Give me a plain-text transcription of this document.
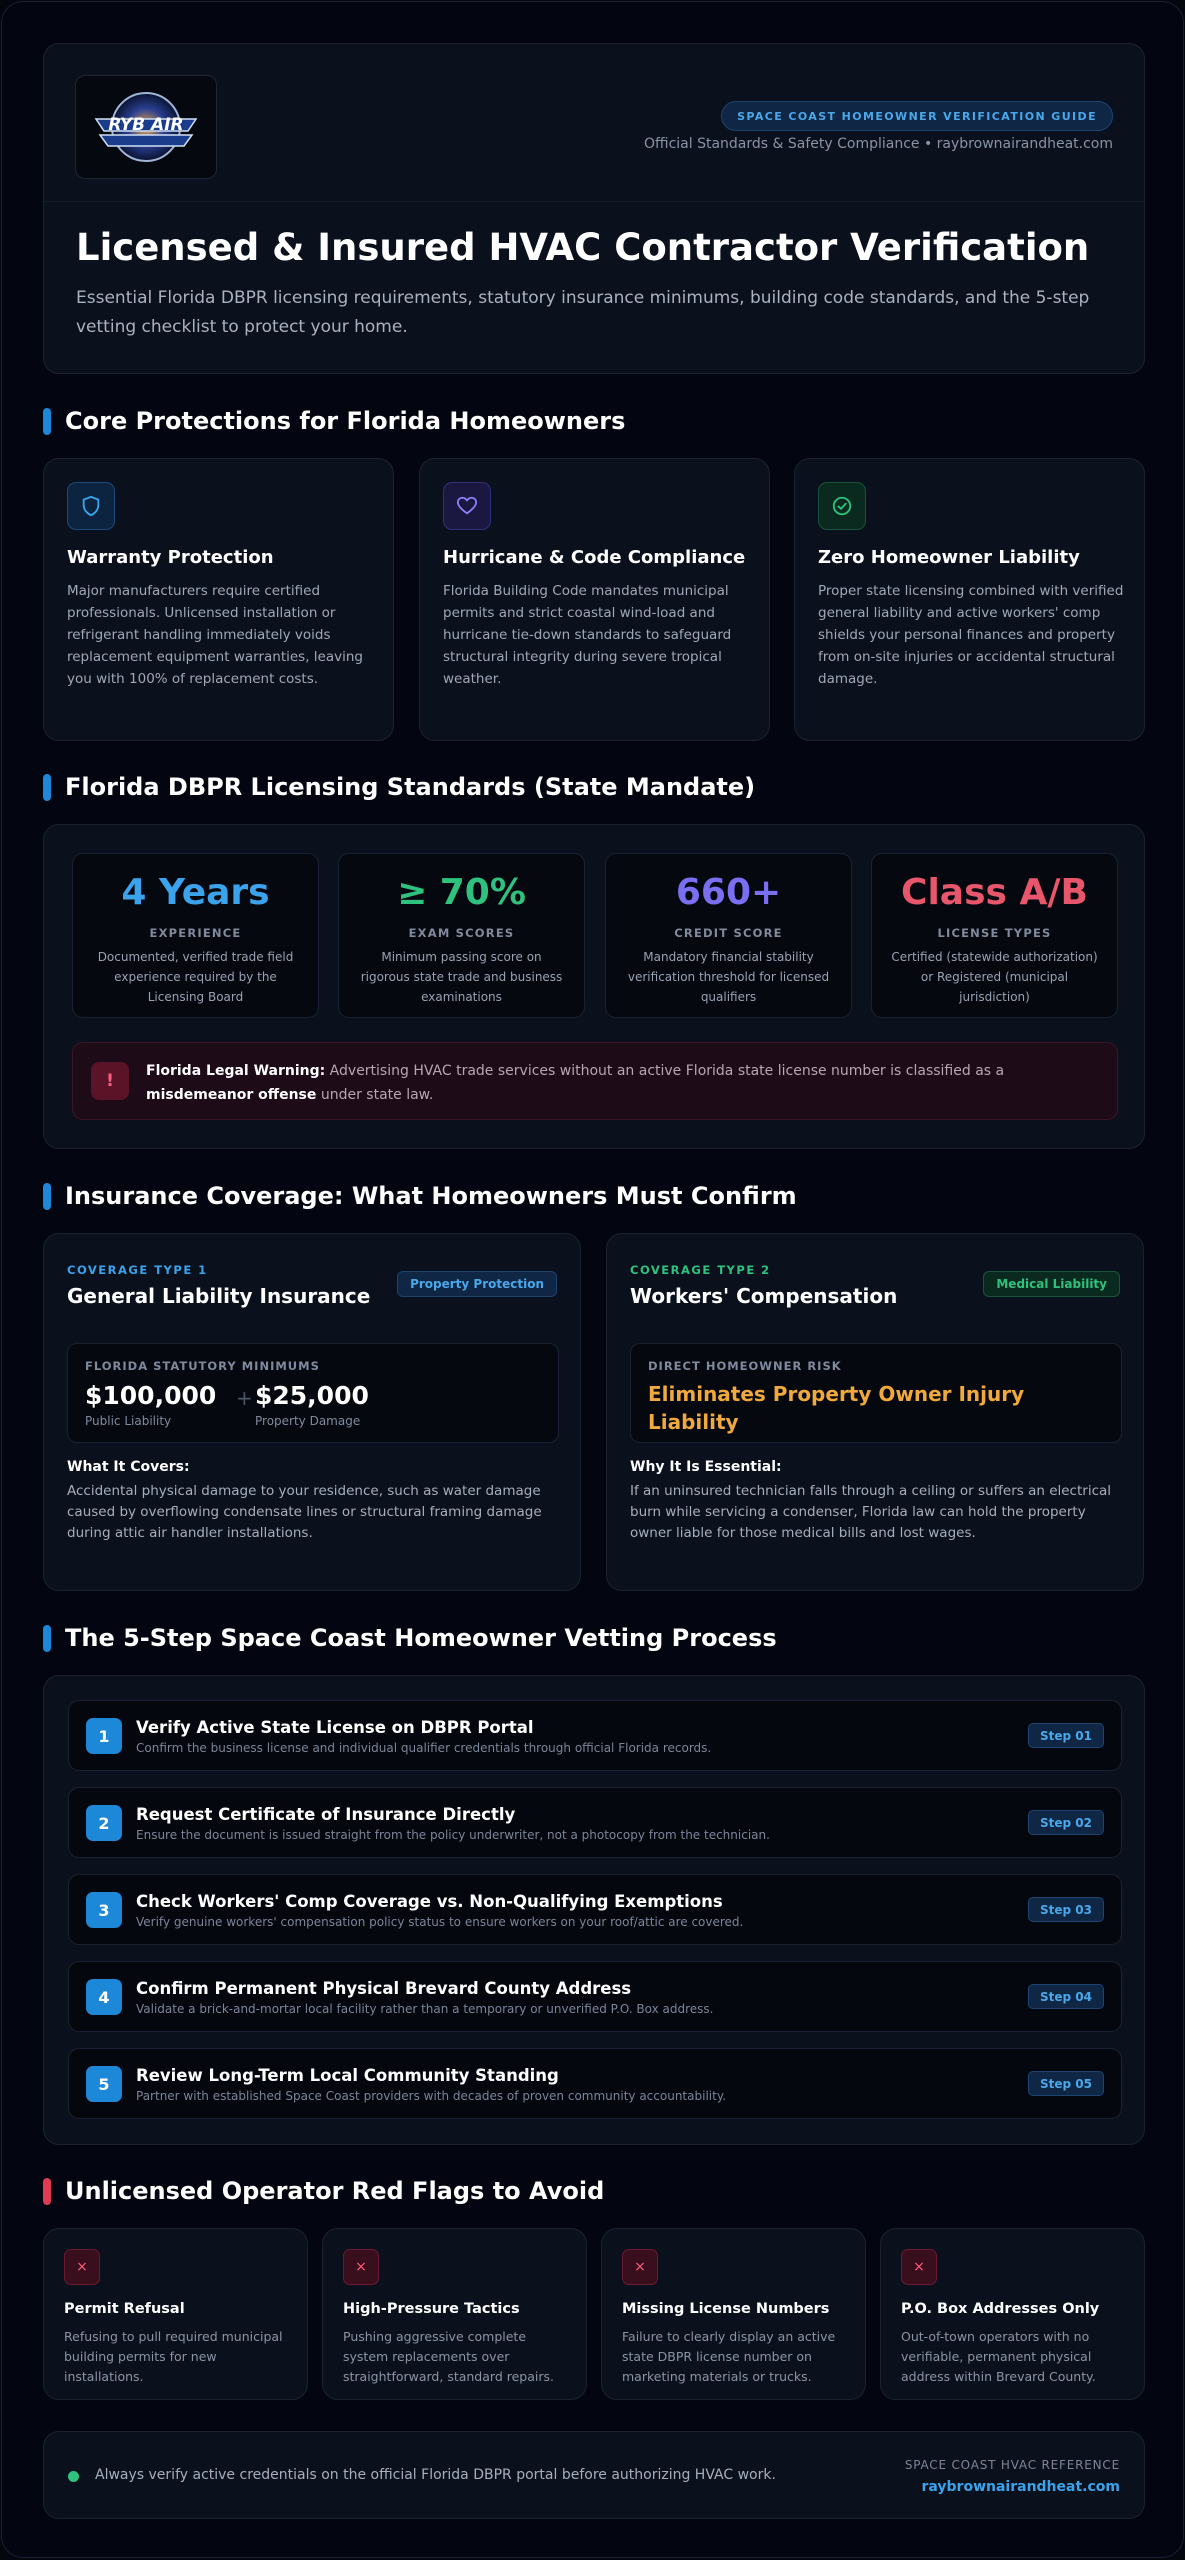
RYB AIR	SPACE COAST HOMEOWNER VERIFICATION GUIDE
Official Standards & Safety Compliance • raybrownairandheat.com
Licensed & Insured HVAC Contractor Verification

Essential Florida DBPR licensing requirements, statutory insurance minimums, building code standards, and the 5-step vetting checklist to protect your home.

Core Protections for Florida Homeowners
Warranty Protection

Major manufacturers require certified professionals. Unlicensed installation or refrigerant handling immediately voids replacement equipment warranties, leaving you with 100% of replacement costs.

Hurricane & Code Compliance

Florida Building Code mandates municipal permits and strict coastal wind-load and hurricane tie-down standards to safeguard structural integrity during severe tropical weather.

Zero Homeowner Liability

Proper state licensing combined with verified general liability and active workers' comp shields your personal finances and property from on-site injuries or accidental structural damage.

Florida DBPR Licensing Standards (State Mandate)
4 Years
EXPERIENCE
Documented, verified trade field experience required by the Licensing Board
≥ 70%
EXAM SCORES
Minimum passing score on rigorous state trade and business examinations
660+
CREDIT SCORE
Mandatory financial stability verification threshold for licensed qualifiers
Class A/B
LICENSE TYPES
Certified (statewide authorization) or Registered (municipal jurisdiction)
!	Florida Legal Warning: Advertising HVAC trade services without an active Florida state license number is classified as a misdemeanor offense under state law.

Insurance Coverage: What Homeowners Must Confirm
COVERAGE TYPE 1
General Liability Insurance	Property Protection
FLORIDA STATUTORY MINIMUMS
$100,000
Public Liability
+ $25,000
Property Damage
What It Covers:

Accidental physical damage to your residence, such as water damage caused by overflowing condensate lines or structural framing damage during attic air handler installations.

COVERAGE TYPE 2
Workers' Compensation	Medical Liability
DIRECT HOMEOWNER RISK
Eliminates Property Owner Injury Liability
Why It Is Essential:

If an uninsured technician falls through a ceiling or suffers an electrical burn while servicing a condenser, Florida law can hold the property owner liable for those medical bills and lost wages.

The 5-Step Space Coast Homeowner Vetting Process
1	Verify Active State License on DBPR Portal
Confirm the business license and individual qualifier credentials through official Florida records.
Step 01
2	Request Certificate of Insurance Directly
Ensure the document is issued straight from the policy underwriter, not a photocopy from the technician.
Step 02
3	Check Workers' Comp Coverage vs. Non-Qualifying Exemptions
Verify genuine workers' compensation policy status to ensure workers on your roof/attic are covered.
Step 03
4	Confirm Permanent Physical Brevard County Address
Validate a brick-and-mortar local facility rather than a temporary or unverified P.O. Box address.
Step 04
5	Review Long-Term Local Community Standing
Partner with established Space Coast providers with decades of proven community accountability.
Step 05
Unlicensed Operator Red Flags to Avoid
×
Permit Refusal

Refusing to pull required municipal building permits for new installations.

×
High-Pressure Tactics

Pushing aggressive complete system replacements over straightforward, standard repairs.

×
Missing License Numbers

Failure to clearly display an active state DBPR license number on marketing materials or trucks.

×
P.O. Box Addresses Only

Out-of-town operators with no verifiable, permanent physical address within Brevard County.

Always verify active credentials on the official Florida DBPR portal before authorizing HVAC work.
SPACE COAST HVAC REFERENCE
raybrownairandheat.com
